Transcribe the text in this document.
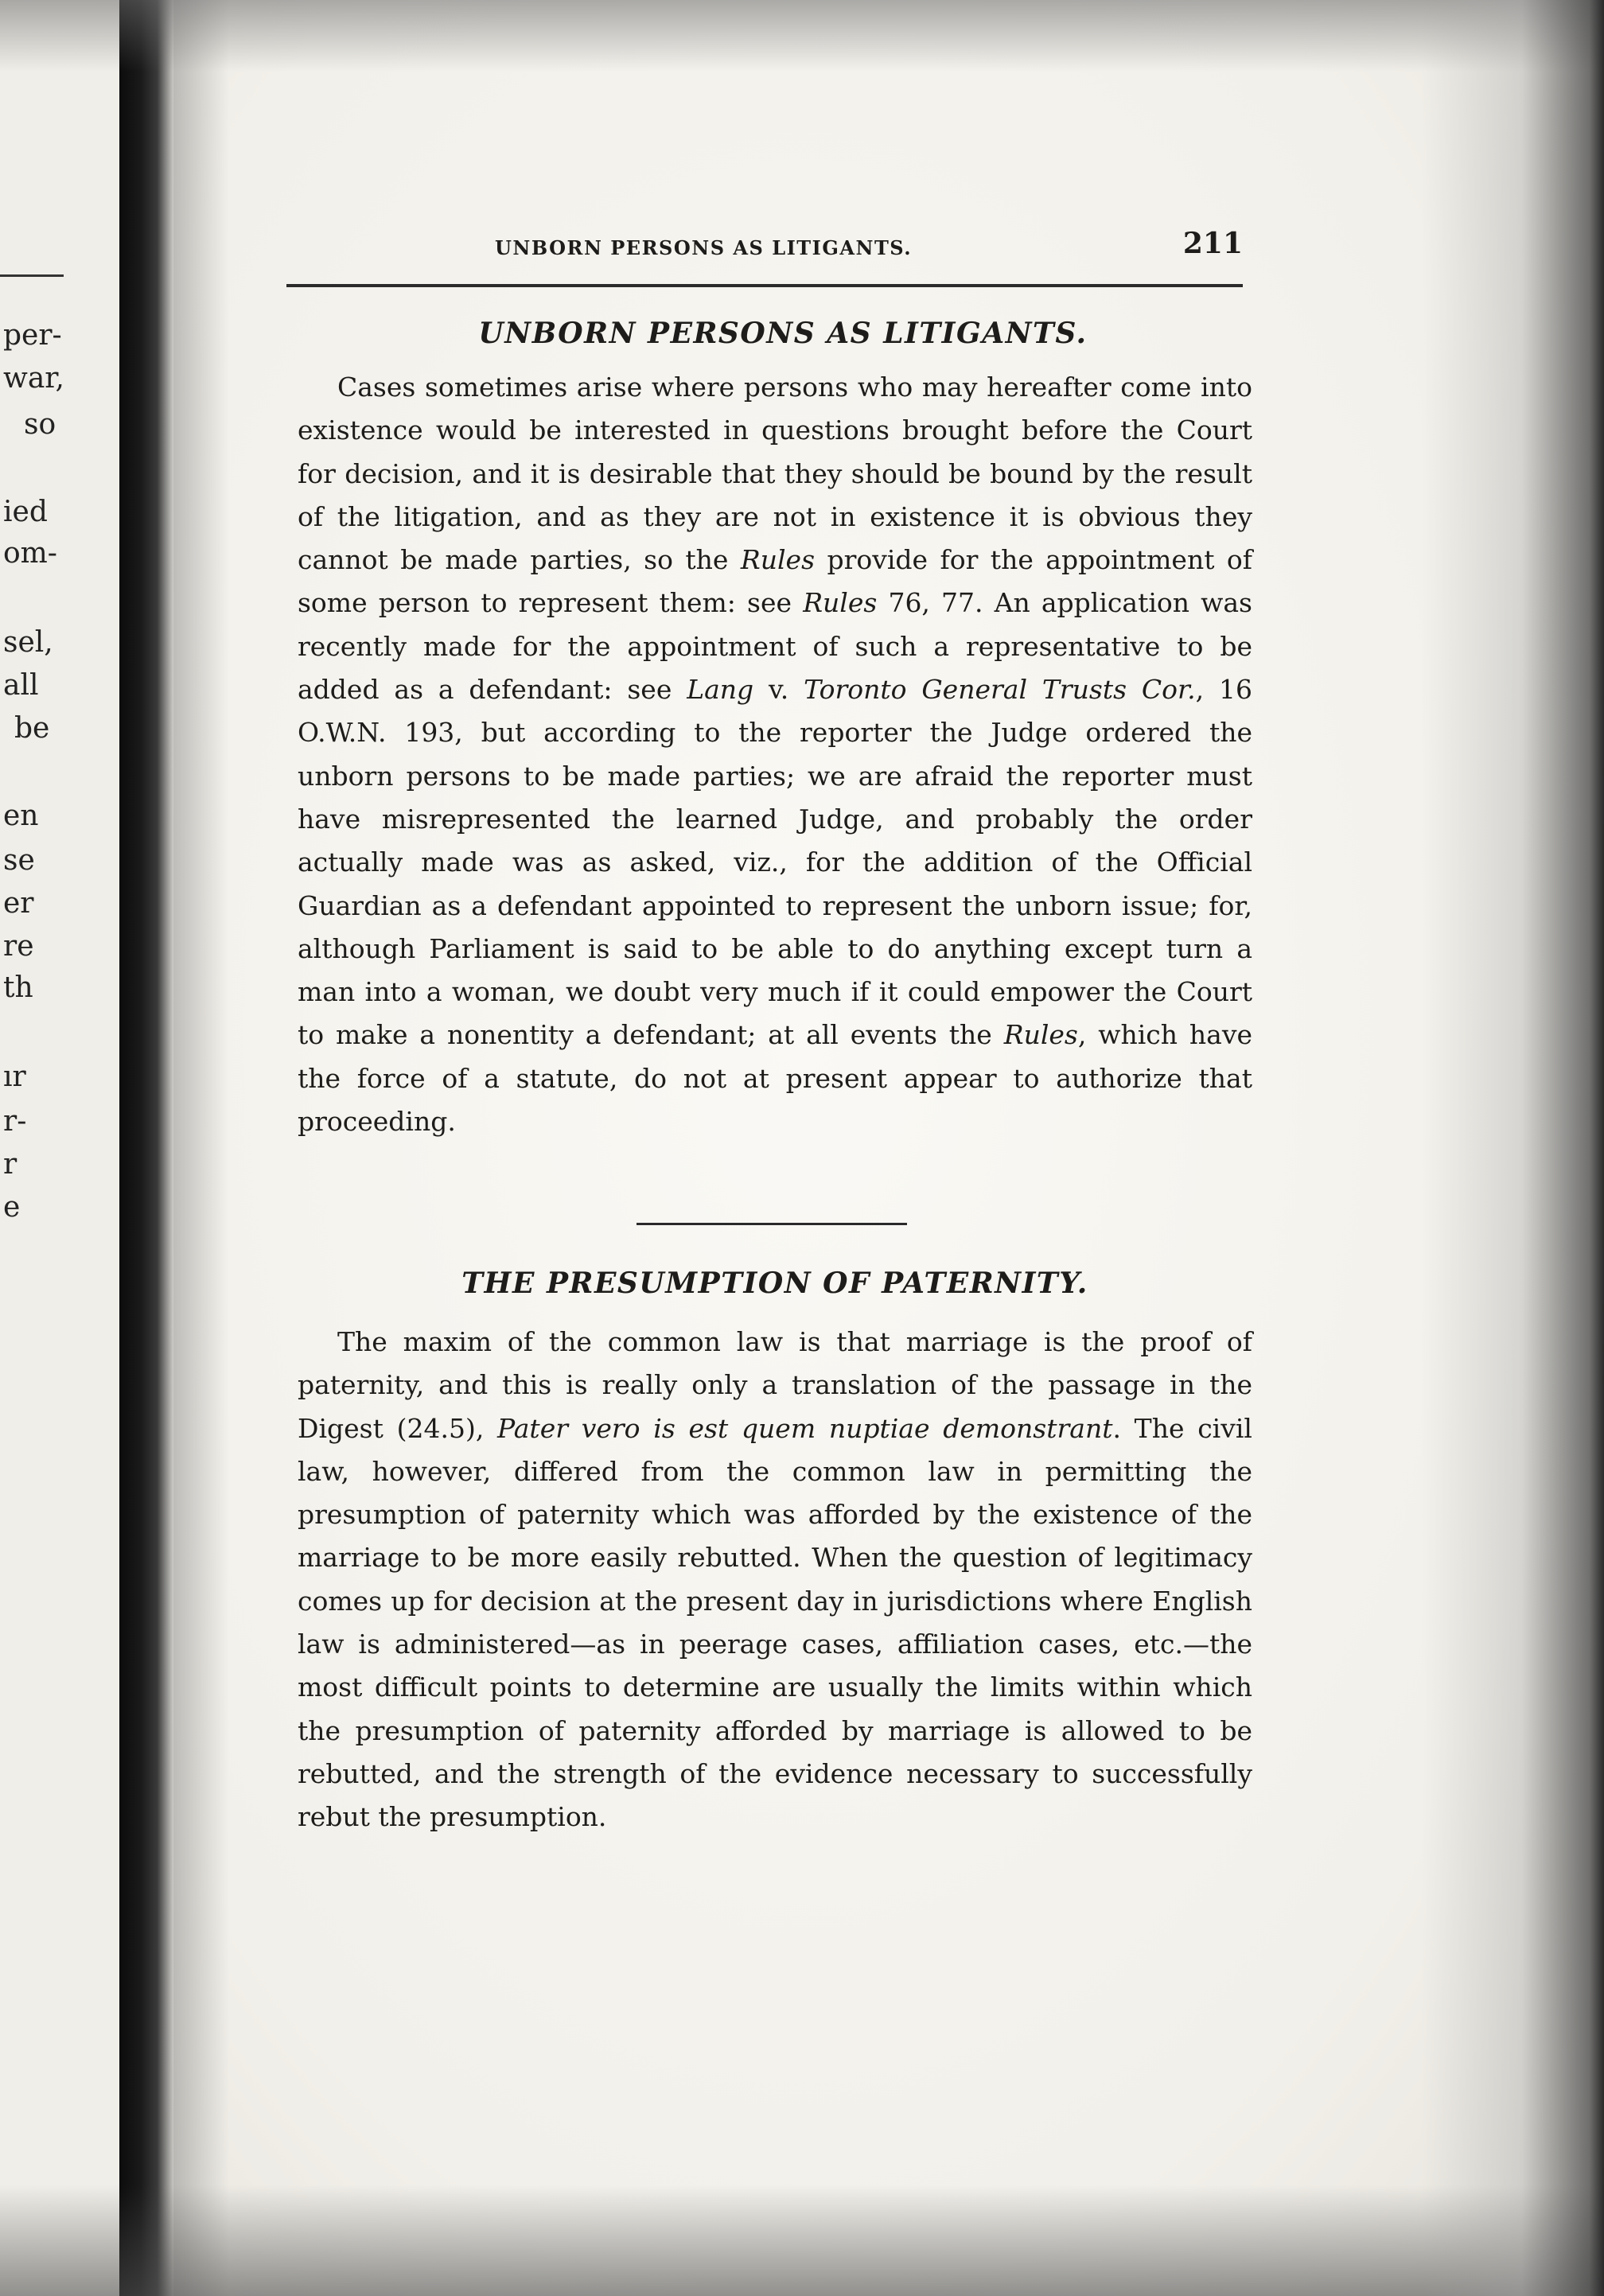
per-
war,
so
ied
om-
sel,
all
be
en
se
er
re
th
ır
r-
r
e
UNBORN PERSONS AS LITIGANTS.	211
UNBORN PERSONS AS LITIGANTS.

Cases sometimes arise where persons who may hereafter come into existence would be interested in questions brought before the Court for decision, and it is desirable that they should be bound by the result of the litigation, and as they are not in existence it is obvious they cannot be made parties, so the Rules provide for the appointment of some person to represent them: see Rules 76, 77. An application was recently made for the appointment of such a representative to be added as a defendant: see Lang v. Toronto General Trusts Cor., 16 O.W.N. 193, but according to the reporter the Judge ordered the unborn persons to be made parties; we are afraid the reporter must have misrepresented the learned Judge, and probably the order actually made was as asked, viz., for the addition of the Official Guardian as a defendant appointed to represent the unborn issue; for, although Parliament is said to be able to do anything except turn a man into a woman, we doubt very much if it could empower the Court to make a nonentity a defendant; at all events the Rules, which have the force of a statute, do not at present appear to authorize that proceeding.

THE PRESUMPTION OF PATERNITY.

The maxim of the common law is that marriage is the proof of paternity, and this is really only a translation of the passage in the Digest (24.5), Pater vero is est quem nuptiae demonstrant. The civil law, however, differed from the common law in permitting the presumption of paternity which was afforded by the existence of the marriage to be more easily rebutted. When the question of legitimacy comes up for decision at the present day in jurisdictions where English law is administered—as in peerage cases, affiliation cases, etc.—the most difficult points to determine are usually the limits within which the presumption of paternity afforded by marriage is allowed to be rebutted, and the strength of the evidence necessary to successfully rebut the presumption.
